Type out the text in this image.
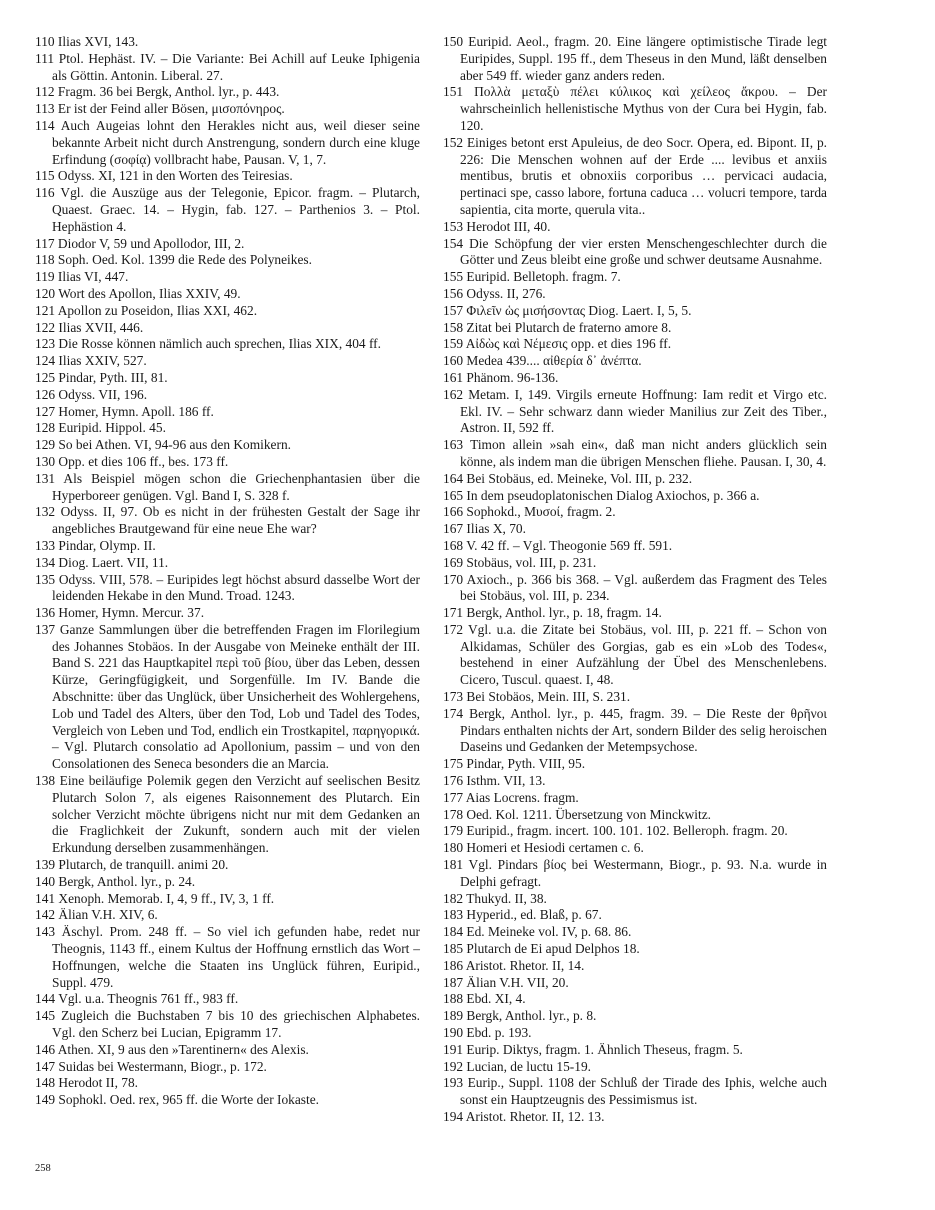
110 Ilias XVI, 143.

111 Ptol. Hephäst. IV. – Die Variante: Bei Achill auf Leuke Iphigenia als Göttin. Antonin. Liberal. 27.

112 Fragm. 36 bei Bergk, Anthol. lyr., p. 443.

113 Er ist der Feind aller Bösen, μισοπόνηρος.

114 Auch Augeias lohnt den Herakles nicht aus, weil dieser seine bekannte Arbeit nicht durch Anstrengung, sondern durch eine kluge Erfindung (σοφίᾳ) vollbracht habe, Pausan. V, 1, 7.

115 Odyss. XI, 121 in den Worten des Teiresias.

116 Vgl. die Auszüge aus der Telegonie, Epicor. fragm. – Plutarch, Quaest. Graec. 14. – Hygin, fab. 127. – Parthenios 3. – Ptol. Hephästion 4.

117 Diodor V, 59 und Apollodor, III, 2.

118 Soph. Oed. Kol. 1399 die Rede des Polyneikes.

119 Ilias VI, 447.

120 Wort des Apollon, Ilias XXIV, 49.

121 Apollon zu Poseidon, Ilias XXI, 462.

122 Ilias XVII, 446.

123 Die Rosse können nämlich auch sprechen, Ilias XIX, 404 ff.

124 Ilias XXIV, 527.

125 Pindar, Pyth. III, 81.

126 Odyss. VII, 196.

127 Homer, Hymn. Apoll. 186 ff.

128 Euripid. Hippol. 45.

129 So bei Athen. VI, 94-96 aus den Komikern.

130 Opp. et dies 106 ff., bes. 173 ff.

131 Als Beispiel mögen schon die Griechenphantasien über die Hyperboreer genügen. Vgl. Band I, S. 328 f.

132 Odyss. II, 97. Ob es nicht in der frühesten Gestalt der Sage ihr angebliches Brautgewand für eine neue Ehe war?

133 Pindar, Olymp. II.

134 Diog. Laert. VII, 11.

135 Odyss. VIII, 578. – Euripides legt höchst absurd dasselbe Wort der leidenden Hekabe in den Mund. Troad. 1243.

136 Homer, Hymn. Mercur. 37.

137 Ganze Sammlungen über die betreffenden Fragen im Florilegium des Johannes Stobäos. In der Ausgabe von Meineke enthält der III. Band S. 221 das Hauptkapitel περὶ τοῦ βίου, über das Leben, dessen Kürze, Geringfügigkeit, und Sorgenfülle. Im IV. Bande die Abschnitte: über das Unglück, über Unsicherheit des Wohlergehens, Lob und Tadel des Alters, über den Tod, Lob und Tadel des Todes, Vergleich von Leben und Tod, endlich ein Trostkapitel, παρηγορικά. – Vgl. Plutarch consolatio ad Apollonium, passim – und von den Consolationen des Seneca besonders die an Marcia.

138 Eine beiläufige Polemik gegen den Verzicht auf seelischen Besitz Plutarch Solon 7, als eigenes Raisonnement des Plutarch. Ein solcher Verzicht möchte übrigens nicht nur mit dem Gedanken an die Fraglichkeit der Zukunft, sondern auch mit der vielen Erkundung derselben zusammenhängen.

139 Plutarch, de tranquill. animi 20.

140 Bergk, Anthol. lyr., p. 24.

141 Xenoph. Memorab. I, 4, 9 ff., IV, 3, 1 ff.

142 Älian V.H. XIV, 6.

143 Äschyl. Prom. 248 ff. – So viel ich gefunden habe, redet nur Theognis, 1143 ff., einem Kultus der Hoffnung ernstlich das Wort – Hoffnungen, welche die Staaten ins Unglück führen, Euripid., Suppl. 479.

144 Vgl. u.a. Theognis 761 ff., 983 ff.

145 Zugleich die Buchstaben 7 bis 10 des griechischen Alphabetes. Vgl. den Scherz bei Lucian, Epigramm 17.

146 Athen. XI, 9 aus den »Tarentinern« des Alexis.

147 Suidas bei Westermann, Biogr., p. 172.

148 Herodot II, 78.

149 Sophokl. Oed. rex, 965 ff. die Worte der Iokaste.

150 Euripid. Aeol., fragm. 20. Eine längere optimistische Tirade legt Euripides, Suppl. 195 ff., dem Theseus in den Mund, läßt denselben aber 549 ff. wieder ganz anders reden.

151 Πολλὰ μεταξὺ πέλει κύλικος καὶ χείλεος ἄκρου. – Der wahrscheinlich hellenistische Mythus von der Cura bei Hygin, fab. 120.

152 Einiges betont erst Apuleius, de deo Socr. Opera, ed. Bipont. II, p. 226: Die Menschen wohnen auf der Erde .... levibus et anxiis mentibus, brutis et obnoxiis corporibus … pervicaci audacia, pertinaci spe, casso labore, fortuna caduca … volucri tempore, tarda sapientia, cita morte, querula vita..

153 Herodot III, 40.

154 Die Schöpfung der vier ersten Menschengeschlechter durch die Götter und Zeus bleibt eine große und schwer deutsame Ausnahme.

155 Euripid. Belletoph. fragm. 7.

156 Odyss. II, 276.

157 Φιλεῖν ὡς μισήσοντας Diog. Laert. I, 5, 5.

158 Zitat bei Plutarch de fraterno amore 8.

159 Αἰδὼς καὶ Νέμεσις opp. et dies 196 ff.

160 Medea 439.... αἰθερία δ᾽ ἀνέπτα.

161 Phänom. 96-136.

162 Metam. I, 149. Virgils erneute Hoffnung: Iam redit et Virgo etc. Ekl. IV. – Sehr schwarz dann wieder Manilius zur Zeit des Tiber., Astron. II, 592 ff.

163 Timon allein »sah ein«, daß man nicht anders glücklich sein könne, als indem man die übrigen Menschen fliehe. Pausan. I, 30, 4.

164 Bei Stobäus, ed. Meineke, Vol. III, p. 232.

165 In dem pseudoplatonischen Dialog Axiochos, p. 366 a.

166 Sophokd., Μυσοί, fragm. 2.

167 Ilias X, 70.

168 V. 42 ff. – Vgl. Theogonie 569 ff. 591.

169 Stobäus, vol. III, p. 231.

170 Axioch., p. 366 bis 368. – Vgl. außerdem das Fragment des Teles bei Stobäus, vol. III, p. 234.

171 Bergk, Anthol. lyr., p. 18, fragm. 14.

172 Vgl. u.a. die Zitate bei Stobäus, vol. III, p. 221 ff. – Schon von Alkidamas, Schüler des Gorgias, gab es ein »Lob des Todes«, bestehend in einer Aufzählung der Übel des Menschenlebens. Cicero, Tuscul. quaest. I, 48.

173 Bei Stobäos, Mein. III, S. 231.

174 Bergk, Anthol. lyr., p. 445, fragm. 39. – Die Reste der θρῆνοι Pindars enthalten nichts der Art, sondern Bilder des selig heroischen Daseins und Gedanken der Metempsychose.

175 Pindar, Pyth. VIII, 95.

176 Isthm. VII, 13.

177 Aias Locrens. fragm.

178 Oed. Kol. 1211. Übersetzung von Minckwitz.

179 Euripid., fragm. incert. 100. 101. 102. Belleroph. fragm. 20.

180 Homeri et Hesiodi certamen c. 6.

181 Vgl. Pindars βίος bei Westermann, Biogr., p. 93. N.a. wurde in Delphi gefragt.

182 Thukyd. II, 38.

183 Hyperid., ed. Blaß, p. 67.

184 Ed. Meineke vol. IV, p. 68. 86.

185 Plutarch de Ei apud Delphos 18.

186 Aristot. Rhetor. II, 14.

187 Älian V.H. VII, 20.

188 Ebd. XI, 4.

189 Bergk, Anthol. lyr., p. 8.

190 Ebd. p. 193.

191 Eurip. Diktys, fragm. 1. Ähnlich Theseus, fragm. 5.

192 Lucian, de luctu 15-19.

193 Eurip., Suppl. 1108 der Schluß der Tirade des Iphis, welche auch sonst ein Hauptzeugnis des Pessimismus ist.

194 Aristot. Rhetor. II, 12. 13.

258
